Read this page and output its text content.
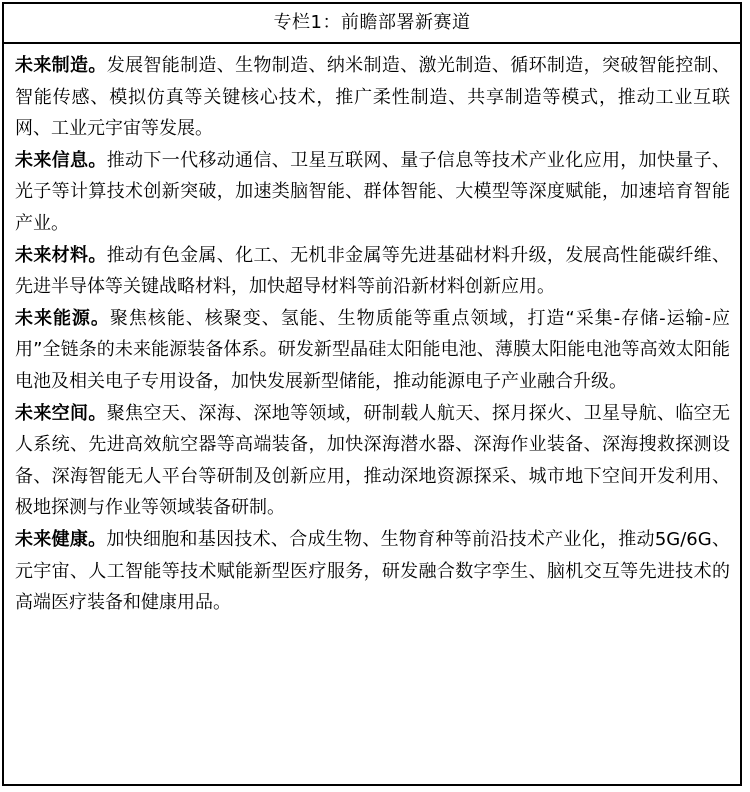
专栏1：前瞻部署新赛道

未来制造。发展智能制造、生物制造、纳米制造、激光制造、循环制造，突破智能控制、智能传感、模拟仿真等关键核心技术，推广柔性制造、共享制造等模式，推动工业互联网、工业元宇宙等发展。

未来信息。推动下一代移动通信、卫星互联网、量子信息等技术产业化应用，加快量子、光子等计算技术创新突破，加速类脑智能、群体智能、大模型等深度赋能，加速培育智能产业。

未来材料。推动有色金属、化工、无机非金属等先进基础材料升级，发展高性能碳纤维、先进半导体等关键战略材料，加快超导材料等前沿新材料创新应用。

未来能源。聚焦核能、核聚变、氢能、生物质能等重点领域，打造“采集-存储-运输-应用”全链条的未来能源装备体系。研发新型晶硅太阳能电池、薄膜太阳能电池等高效太阳能电池及相关电子专用设备，加快发展新型储能，推动能源电子产业融合升级。

未来空间。聚焦空天、深海、深地等领域，研制载人航天、探月探火、卫星导航、临空无人系统、先进高效航空器等高端装备，加快深海潜水器、深海作业装备、深海搜救探测设备、深海智能无人平台等研制及创新应用，推动深地资源探采、城市地下空间开发利用、极地探测与作业等领域装备研制。

未来健康。加快细胞和基因技术、合成生物、生物育种等前沿技术产业化，推动5G/6G、元宇宙、人工智能等技术赋能新型医疗服务，研发融合数字孪生、脑机交互等先进技术的高端医疗装备和健康用品。
